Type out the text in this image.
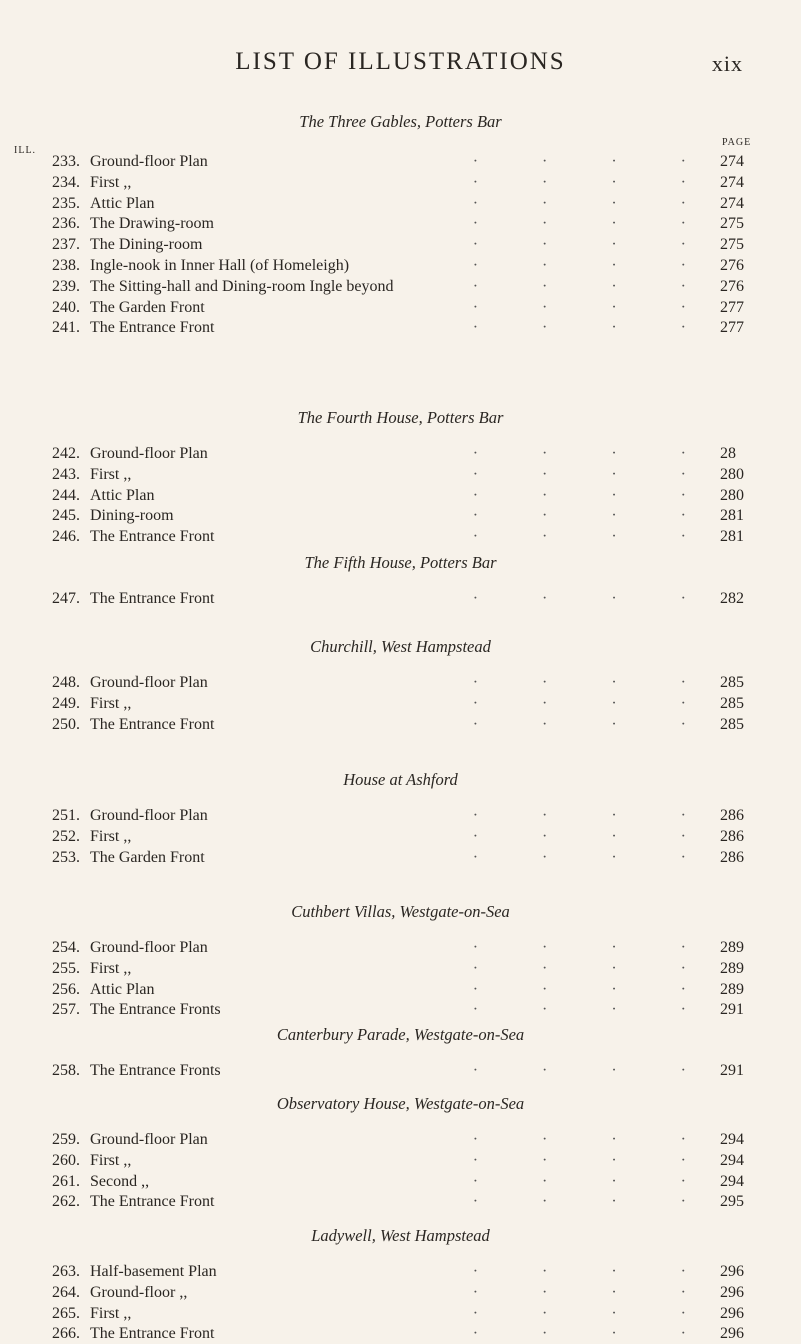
LIST OF ILLUSTRATIONS	xix
ILL.
PAGE
The Three Gables, Potters Bar
233. Ground-floor Plan	· · · · 274
234. First ,,	· · · · 274
235. Attic Plan	· · · · 274
236. The Drawing-room	· · · · 275
237. The Dining-room	· · · · 275
238. Ingle-nook in Inner Hall (of Homeleigh)	· · · · 276
239. The Sitting-hall and Dining-room Ingle beyond	· · · · 276
240. The Garden Front	· · · · 277
241. The Entrance Front	· · · · 277
The Fourth House, Potters Bar
242. Ground-floor Plan	· · · · 28
243. First ,,	· · · · 280
244. Attic Plan	· · · · 280
245. Dining-room	· · · · 281
246. The Entrance Front	· · · · 281
The Fifth House, Potters Bar
247. The Entrance Front	· · · · 282
Churchill, West Hampstead
248. Ground-floor Plan	· · · · 285
249. First ,,	· · · · 285
250. The Entrance Front	· · · · 285
House at Ashford
251. Ground-floor Plan	· · · · 286
252. First ,,	· · · · 286
253. The Garden Front	· · · · 286
Cuthbert Villas, Westgate-on-Sea
254. Ground-floor Plan	· · · · 289
255. First ,,	· · · · 289
256. Attic Plan	· · · · 289
257. The Entrance Fronts	· · · · 291
Canterbury Parade, Westgate-on-Sea
258. The Entrance Fronts	· · · · 291
Observatory House, Westgate-on-Sea
259. Ground-floor Plan	· · · · 294
260. First ,,	· · · · 294
261. Second ,,	· · · · 294
262. The Entrance Front	· · · · 295
Ladywell, West Hampstead
263. Half-basement Plan	· · · · 296
264. Ground-floor ,,	· · · · 296
265. First ,,	· · · · 296
266. The Entrance Front	· · · · 296
